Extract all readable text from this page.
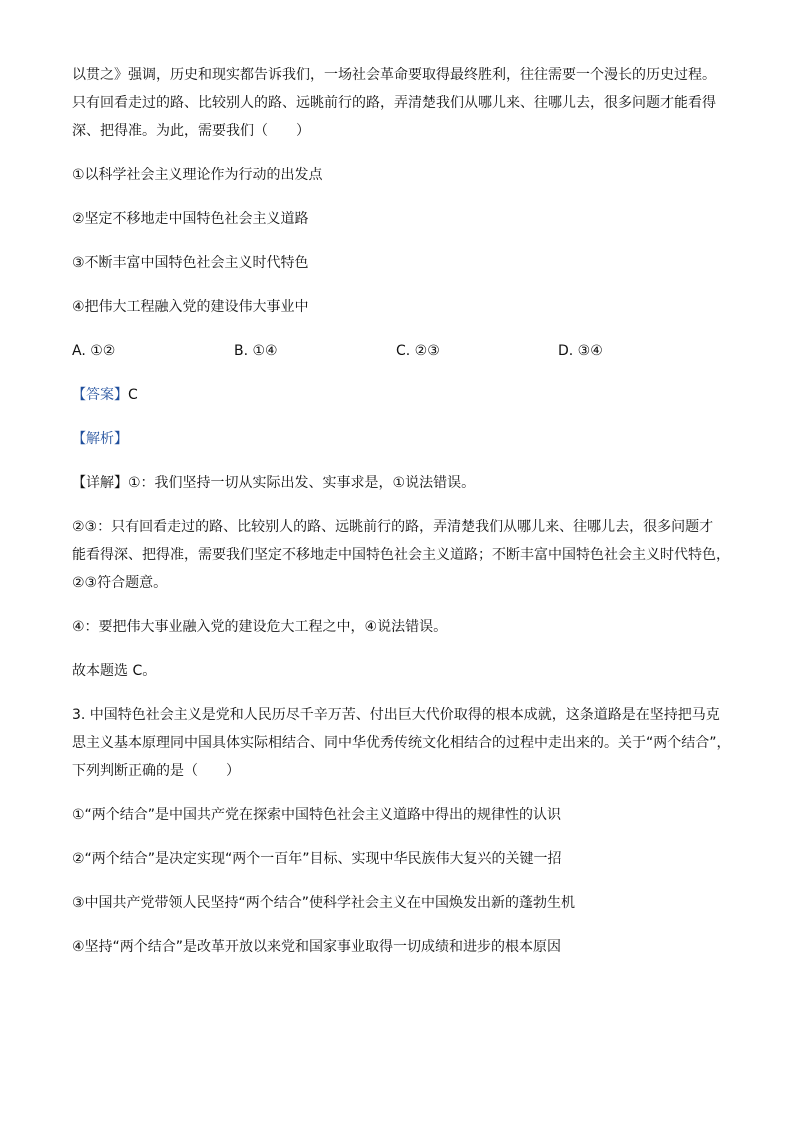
以贯之》强调，历史和现实都告诉我们，一场社会革命要取得最终胜利，往往需要一个漫长的历史过程。

只有回看走过的路、比较别人的路、远眺前行的路，弄清楚我们从哪儿来、往哪儿去，很多问题才能看得

深、把得准。为此，需要我们（　　）

①以科学社会主义理论作为行动的出发点

②坚定不移地走中国特色社会主义道路

③不断丰富中国特色社会主义时代特色

④把伟大工程融入党的建设伟大事业中

A. ①②	B. ①④	C. ②③	D. ③④

【答案】C

【解析】

【详解】①：我们坚持一切从实际出发、实事求是，①说法错误。

②③：只有回看走过的路、比较别人的路、远眺前行的路，弄清楚我们从哪儿来、往哪儿去，很多问题才

能看得深、把得准，需要我们坚定不移地走中国特色社会主义道路；不断丰富中国特色社会主义时代特色，

②③符合题意。

④：要把伟大事业融入党的建设危大工程之中，④说法错误。

故本题选 C。

3. 中国特色社会主义是党和人民历尽千辛万苦、付出巨大代价取得的根本成就，这条道路是在坚持把马克

思主义基本原理同中国具体实际相结合、同中华优秀传统文化相结合的过程中走出来的。关于“两个结合”，

下列判断正确的是（　　）

①“两个结合”是中国共产党在探索中国特色社会主义道路中得出的规律性的认识

②“两个结合”是决定实现“两个一百年”目标、实现中华民族伟大复兴的关键一招

③中国共产党带领人民坚持“两个结合”使科学社会主义在中国焕发出新的蓬勃生机

④坚持“两个结合”是改革开放以来党和国家事业取得一切成绩和进步的根本原因
